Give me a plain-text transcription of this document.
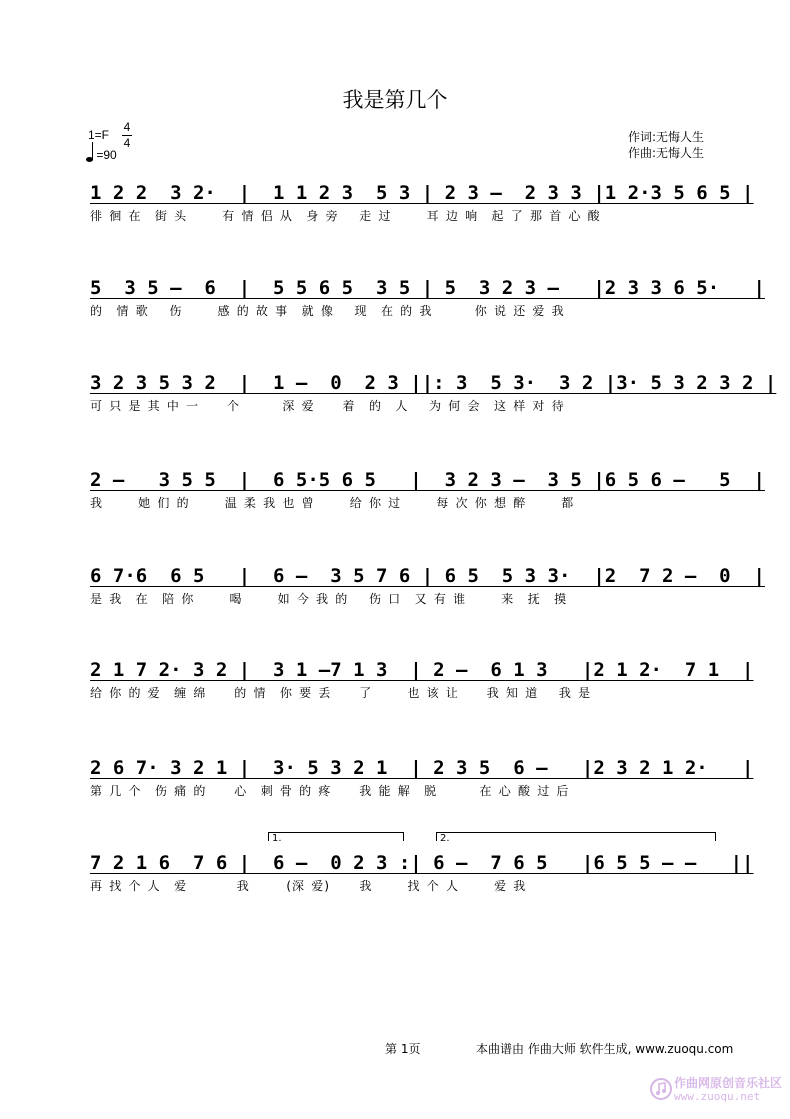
我是第几个
1=F
4
4
=90
作词:无悔人生
作曲:无悔人生
1 2 2  3 2·  |  1 1 2 3  5 3 | 2 3 –  2 3 3 |1 2·3 5 6 5 |
徘 徊 在  街 头     有 情 侣 从  身 旁   走 过     耳 边 响  起 了 那 首 心 酸
5  3 5 –  6  |  5 5 6 5  3 5 | 5  3 2 3 –   |2 3 3 6 5·   |
的  情 歌   伤     感 的 故 事  就 像   现  在 的 我      你 说 还 爱 我
3 2 3 5 3 2  |  1 –  0  2 3 ||: 3  5 3·  3 2 |3· 5 3 2 3 2 |
可 只 是 其 中 一    个      深 爱    着  的  人   为 何 会  这 样 对 待
2 –   3 5 5  |  6 5·5 6 5   |  3 2 3 –  3 5 |6 5 6 –   5  |
我     她 们 的     温 柔 我 也 曾     给 你 过     每 次 你 想 醉     都
6 7·6  6 5   |  6 –  3 5 7 6 | 6 5  5 3 3·  |2  7 2 –  0  |
是 我  在  陪 你     喝     如 今 我 的   伤 口  又 有 谁     来  抚  摸
2 1 7 2· 3 2 |  3 1 –7 1 3  | 2 –  6 1 3   |2 1 2·  7 1  |
给 你 的 爱  缠 绵    的 情  你 要 丢    了     也 该 让    我 知 道   我 是
2 6 7· 3 2 1 |  3· 5 3 2 1  | 2 3 5  6 –   |2 3 2 1 2·   |
第 几 个  伤 痛 的    心  刺 骨 的 疼    我 能 解  脱      在 心 酸 过 后
1.	2.
7 2 1 6  7 6 |  6 –  0 2 3 :| 6 –  7 6 5   |6 5 5 – –   ||
再 找 个 人  爱       我     (深 爱)    我     找 个 人     爱 我
第 1页	本曲谱由 作曲大师 软件生成, www.zuoqu.com
作曲网原创音乐社区
www.zuoqu.net
